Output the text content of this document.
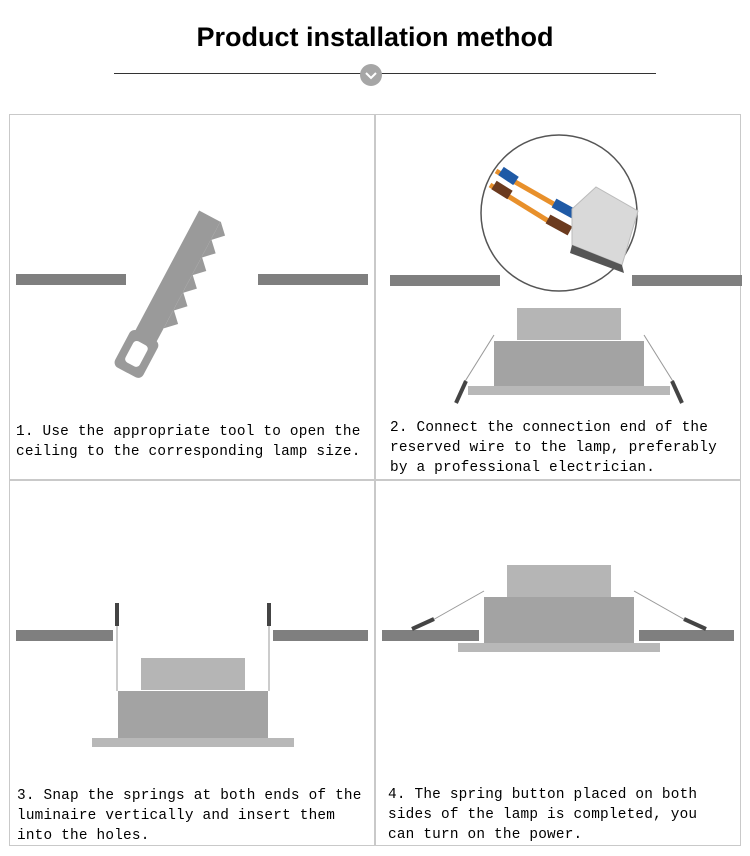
Product installation method
1. Use the appropriate tool to open the
ceiling to the corresponding lamp size.
2. Connect the connection end of the
reserved wire to the lamp, preferably
by a professional electrician.
3. Snap the springs at both ends of the
luminaire vertically and insert them
into the holes.
4. The spring button placed on both
sides of the lamp is completed, you
can turn on the power.
